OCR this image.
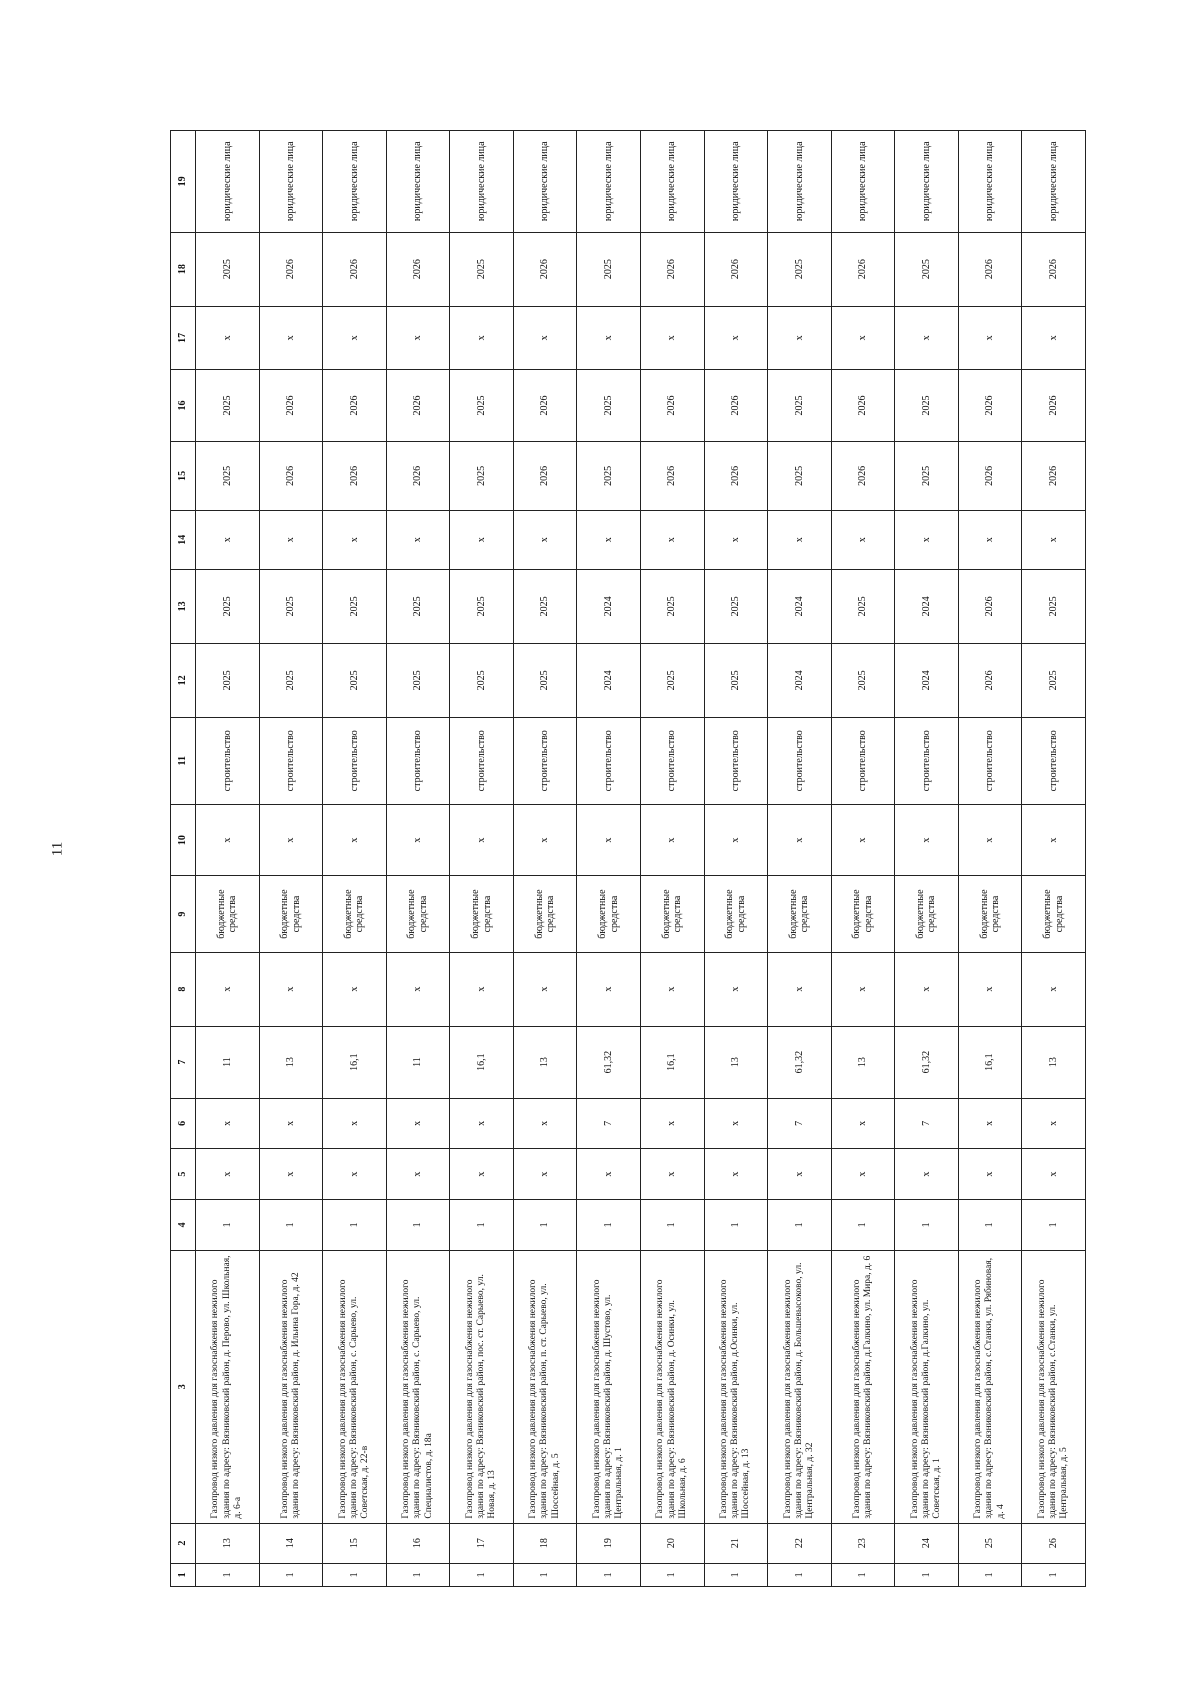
11
1	2	3	4	5	6	7	8	9	10	11	12	13	14	15	16	17	18	19
1	13	Газопровод низкого давления для газоснабжения нежилого здания по адресу: Вязниковский район, д. Перово, ул. Школьная, д. 6-а	1	x	x	11	x	бюджетные средства	x	строительство	2025	2025	x	2025	2025	x	2025	юридические лица
1	14	Газопровод низкого давления для газоснабжения нежилого здания по адресу: Вязниковский район, д. Ильина Гора, д. 42	1	x	x	13	x	бюджетные средства	x	строительство	2025	2025	x	2026	2026	x	2026	юридические лица
1	15	Газопровод низкого давления для газоснабжения нежилого здания по адресу: Вязниковский район, с. Сарыево, ул. Советская, д. 22-в	1	x	x	16,1	x	бюджетные средства	x	строительство	2025	2025	x	2026	2026	x	2026	юридические лица
1	16	Газопровод низкого давления для газоснабжения нежилого здания по адресу: Вязниковский район, с. Сарыево, ул. Специалистов, д. 18а	1	x	x	11	x	бюджетные средства	x	строительство	2025	2025	x	2026	2026	x	2026	юридические лица
1	17	Газопровод низкого давления для газоснабжения нежилого здания по адресу: Вязниковский район, пос. ст. Сарыево, ул. Новая, д. 13	1	x	x	16,1	x	бюджетные средства	x	строительство	2025	2025	x	2025	2025	x	2025	юридические лица
1	18	Газопровод низкого давления для газоснабжения нежилого здания по адресу: Вязниковский район, п. ст. Сарыево, ул. Шоссейная, д. 5	1	x	x	13	x	бюджетные средства	x	строительство	2025	2025	x	2026	2026	x	2026	юридические лица
1	19	Газопровод низкого давления для газоснабжения нежилого здания по адресу: Вязниковский район, д. Шустово, ул. Центральная, д. 1	1	x	7	61,32	x	бюджетные средства	x	строительство	2024	2024	x	2025	2025	x	2025	юридические лица
1	20	Газопровод низкого давления для газоснабжения нежилого здания по адресу: Вязниковский район, д. Осинки, ул. Школьная, д. 6	1	x	x	16,1	x	бюджетные средства	x	строительство	2025	2025	x	2026	2026	x	2026	юридические лица
1	21	Газопровод низкого давления для газоснабжения нежилого здания по адресу: Вязниковский район, д.Осинки, ул. Шоссейная, д. 13	1	x	x	13	x	бюджетные средства	x	строительство	2025	2025	x	2026	2026	x	2026	юридические лица
1	22	Газопровод низкого давления для газоснабжения нежилого здания по адресу: Вязниковский район, д. Большевысоково, ул. Центральная, д. 32	1	x	7	61,32	x	бюджетные средства	x	строительство	2024	2024	x	2025	2025	x	2025	юридические лица
1	23	Газопровод низкого давления для газоснабжения нежилого здания по адресу: Вязниковский район, д.Галкино, ул. Мира, д. 6	1	x	x	13	x	бюджетные средства	x	строительство	2025	2025	x	2026	2026	x	2026	юридические лица
1	24	Газопровод низкого давления для газоснабжения нежилого здания по адресу: Вязниковский район, д.Галкино, ул. Советская, д. 1	1	x	7	61,32	x	бюджетные средства	x	строительство	2024	2024	x	2025	2025	x	2025	юридические лица
1	25	Газопровод низкого давления для газоснабжения нежилого здания по адресу: Вязниковский район, с.Станки, ул. Рябиновая, д. 4	1	x	x	16,1	x	бюджетные средства	x	строительство	2026	2026	x	2026	2026	x	2026	юридические лица
1	26	Газопровод низкого давления для газоснабжения нежилого здания по адресу: Вязниковский район, с.Станки, ул. Центральная, д. 5	1	x	x	13	x	бюджетные средства	x	строительство	2025	2025	x	2026	2026	x	2026	юридические лица
